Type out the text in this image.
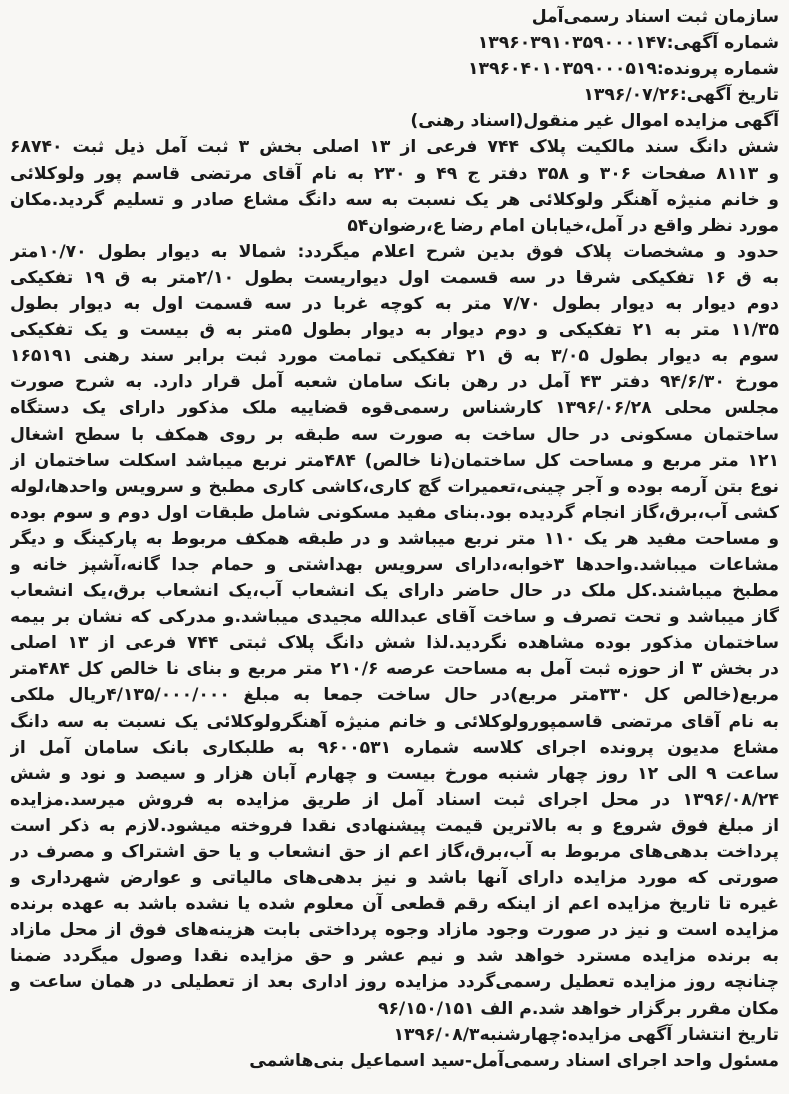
سازمان ثبت اسناد رسمی‌آمل
شماره آگهی:۱۳۹۶۰۳۹۱۰۳۵۹۰۰۰۱۴۷
شماره پرونده:۱۳۹۶۰۴۰۱۰۳۵۹۰۰۰۵۱۹
تاریخ آگهی:۱۳۹۶/۰۷/۲۶
آگهی مزایده اموال غیر منقول(اسناد رهنی)
شش دانگ سند مالکیت پلاک ۷۴۴ فرعی از ۱۳ اصلی بخش ۳ ثبت آمل ذیل ثبت ۶۸۷۴۰
و ۸۱۱۳ صفحات ۳۰۶ و ۳۵۸ دفتر ج ۴۹ و ۲۳۰ به نام آقای مرتضی قاسم پور ولوکلائی
و خانم منیژه آهنگر ولوکلائی هر یک نسبت به سه دانگ مشاع صادر و تسلیم گردید.مکان
مورد نظر واقع در آمل،خیابان امام رضا ع،رضوان۵۴
حدود و مشخصات پلاک فوق بدین شرح اعلام میگردد: شمالا به دیوار بطول ۱۰/۷۰متر
به ق ۱۶ تفکیکی شرقا در سه قسمت اول دیواریست بطول ۲/۱۰متر به ق ۱۹ تفکیکی
دوم دیوار به دیوار بطول ۷/۷۰ متر به کوچه غربا در سه قسمت اول به دیوار بطول
۱۱/۳۵ متر به ۲۱ تفکیکی و دوم دیوار به دیوار بطول ۵متر به ق بیست و یک تفکیکی
سوم به دیوار بطول ۳/۰۵ به ق ۲۱ تفکیکی تمامت مورد ثبت برابر سند رهنی ۱۶۵۱۹۱
مورخ ۹۴/۶/۳۰ دفتر ۴۳ آمل در رهن بانک سامان شعبه آمل قرار دارد. به شرح صورت
مجلس محلی ۱۳۹۶/۰۶/۲۸ کارشناس رسمی‌قوه قضاییه ملک مذکور دارای یک دستگاه
ساختمان مسکونی در حال ساخت به صورت سه طبقه بر روی همکف با سطح اشغال
۱۲۱ متر مربع و مساحت کل ساختمان(نا خالص) ۴۸۴متر نربع میباشد اسکلت ساختمان از
نوع بتن آرمه بوده و آجر چینی،تعمیرات گچ کاری،کاشی کاری مطبخ و سرویس واحدها،لوله
کشی آب،برق،گاز انجام گردیده بود.بنای مفید مسکونی شامل طبقات اول دوم و سوم بوده
و مساحت مفید هر یک ۱۱۰ متر نربع میباشد و در طبقه همکف مربوط به پارکینگ و دیگر
مشاعات میباشد.واحدها ۳خوابه،دارای سرویس بهداشتی و حمام جدا گانه،آشپز خانه و
مطبخ میباشند.کل ملک در حال حاضر دارای یک انشعاب آب،یک انشعاب برق،یک انشعاب
گاز میباشد و تحت تصرف و ساخت آقای عبدالله مجیدی میباشد.و مدرکی که نشان بر بیمه
ساختمان مذکور بوده مشاهده نگردید.لذا شش دانگ پلاک ثبتی ۷۴۴ فرعی از ۱۳ اصلی
در بخش ۳ از حوزه ثبت آمل به مساحت عرصه ۲۱۰/۶ متر مربع و بنای نا خالص کل ۴۸۴متر
مربع(خالص کل ۳۳۰متر مربع)در حال ساخت جمعا به مبلغ ۴/۱۳۵/۰۰۰/۰۰۰ریال ملکی
به نام آقای مرتضی قاسمپورولوکلائی و خانم منیژه آهنگرولوکلائی یک نسبت به سه دانگ
مشاع مدیون پرونده اجرای کلاسه شماره ۹۶۰۰۵۳۱ به طلبکاری بانک سامان آمل از
ساعت ۹ الی ۱۲ روز چهار شنبه مورخ بیست و چهارم آبان هزار و سیصد و نود و شش
۱۳۹۶/۰۸/۲۴ در محل اجرای ثبت اسناد آمل از طریق مزایده به فروش میرسد.مزایده
از مبلغ فوق شروع و به بالاترین قیمت پیشنهادی نقدا فروخته میشود.لازم به ذکر است
پرداخت بدهی‌های مربوط به آب،برق،گاز اعم از حق انشعاب و یا حق اشتراک و مصرف در
صورتی که مورد مزایده دارای آنها باشد و نیز بدهی‌های مالیاتی و عوارض شهرداری و
غیره تا تاریخ مزایده اعم از اینکه رقم قطعی آن معلوم شده یا نشده باشد به عهده برنده
مزایده است و نیز در صورت وجود مازاد وجوه پرداختی بابت هزینه‌های فوق از محل مازاد
به برنده مزایده مسترد خواهد شد و نیم عشر و حق مزایده نقدا وصول میگردد ضمنا
چنانچه روز مزایده تعطیل رسمی‌گردد مزایده روز اداری بعد از تعطیلی در همان ساعت و
مکان مقرر برگزار خواهد شد.م الف ۹۶/۱۵۰/۱۵۱
تاریخ انتشار آگهی مزایده:چهارشنبه۱۳۹۶/۰۸/۳
مسئول واحد اجرای اسناد رسمی‌آمل-سید اسماعیل بنی‌هاشمی
